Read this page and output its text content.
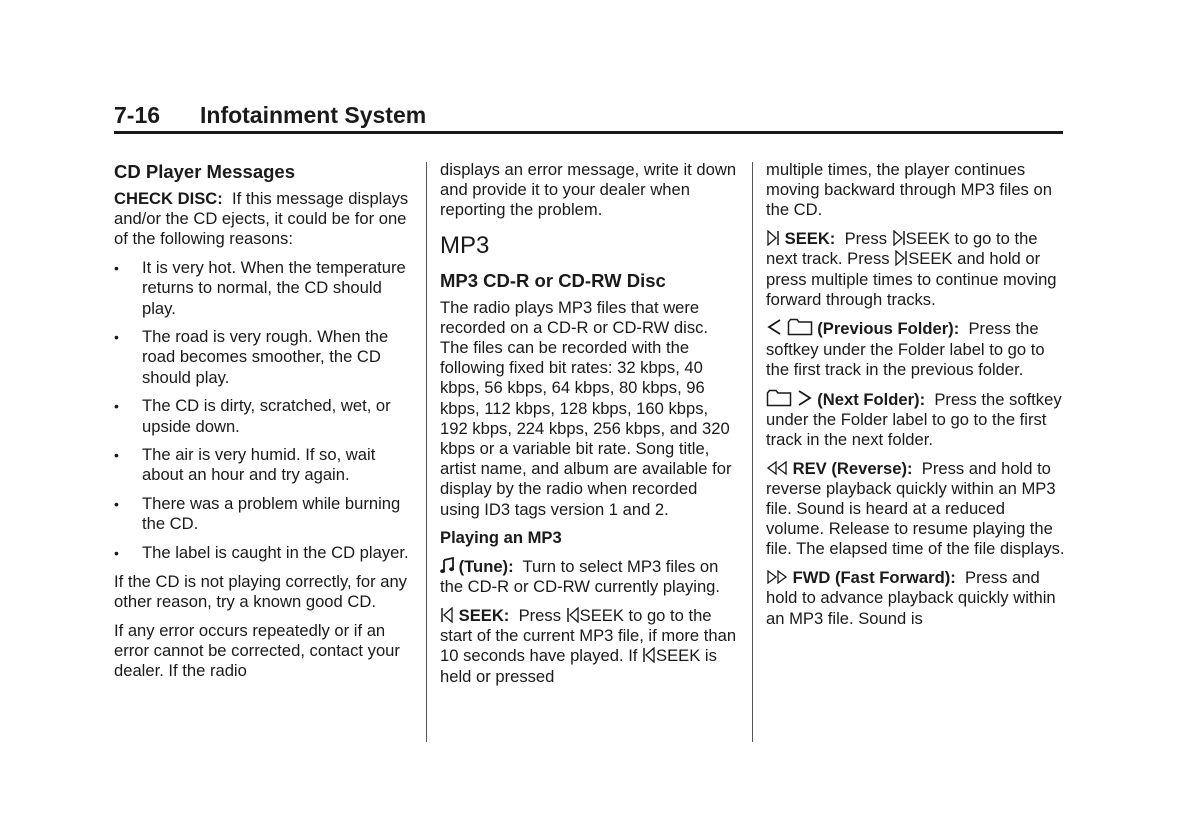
7-16 Infotainment System
CD Player Messages

CHECK DISC: If this message displays and/or the CD ejects, it could be for one of the following reasons:

• It is very hot. When the temperature returns to normal, the CD should play.
• The road is very rough. When the road becomes smoother, the CD should play.
• The CD is dirty, scratched, wet, or upside down.
• The air is very humid. If so, wait about an hour and try again.
• There was a problem while burning the CD.
• The label is caught in the CD player.

If the CD is not playing correctly, for any other reason, try a known good CD.

If any error occurs repeatedly or if an error cannot be corrected, contact your dealer. If the radio

displays an error message, write it down and provide it to your dealer when reporting the problem.

MP3
MP3 CD-R or CD-RW Disc

The radio plays MP3 files that were recorded on a CD-R or CD-RW disc. The files can be recorded with the following fixed bit rates: 32 kbps, 40 kbps, 56 kbps, 64 kbps, 80 kbps, 96 kbps, 112 kbps, 128 kbps, 160 kbps, 192 kbps, 224 kbps, 256 kbps, and 320 kbps or a variable bit rate. Song title, artist name, and album are available for display by the radio when recorded using ID3 tags version 1 and 2.

Playing an MP3

(Tune): Turn to select MP3 files on the CD-R or CD-RW currently playing.

SEEK: Press SEEK to go to the start of the current MP3 file, if more than 10 seconds have played. If SEEK is held or pressed

multiple times, the player continues moving backward through MP3 files on the CD.

SEEK: Press SEEK to go to the next track. Press SEEK and hold or press multiple times to continue moving forward through tracks.

(Previous Folder): Press the softkey under the Folder label to go to the first track in the previous folder.

(Next Folder): Press the softkey under the Folder label to go to the first track in the next folder.

REV (Reverse): Press and hold to reverse playback quickly within an MP3 file. Sound is heard at a reduced volume. Release to resume playing the file. The elapsed time of the file displays.

FWD (Fast Forward): Press and hold to advance playback quickly within an MP3 file. Sound is
